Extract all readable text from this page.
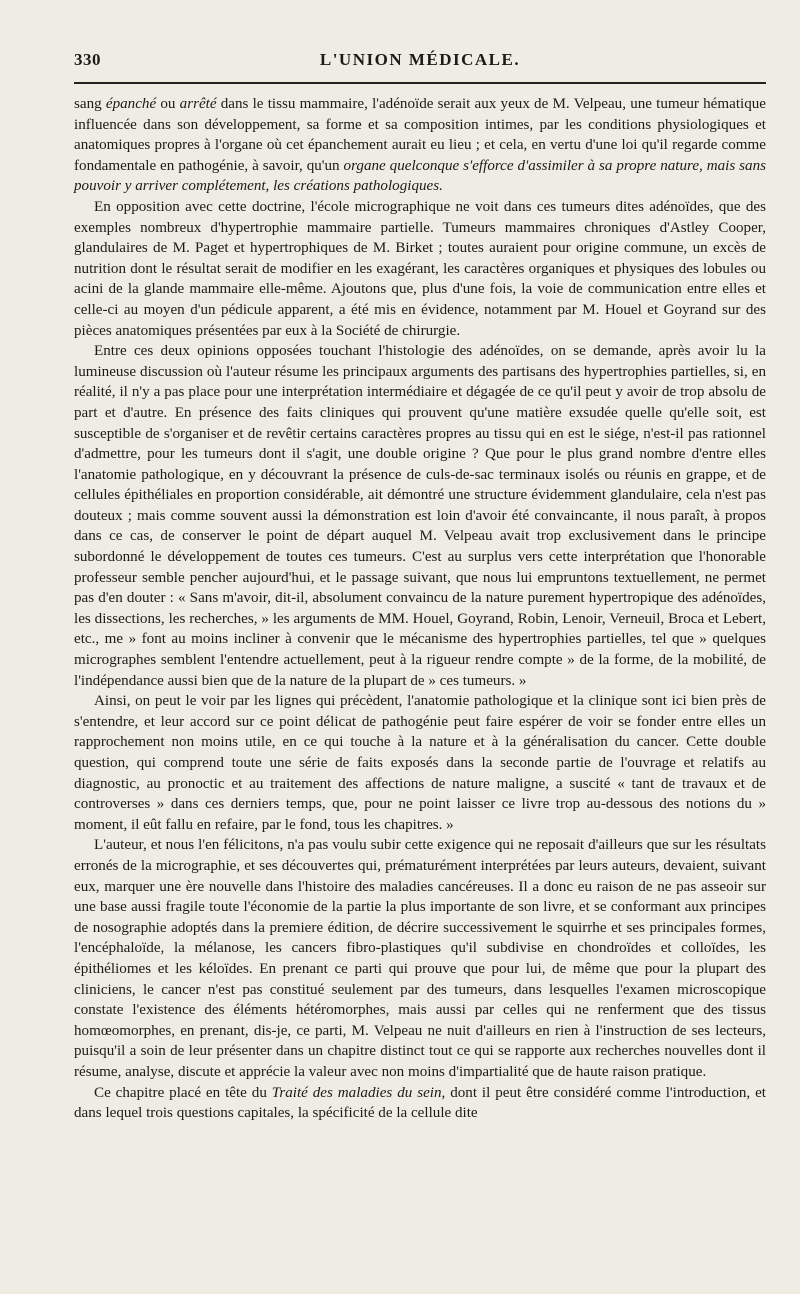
330	L'UNION MÉDICALE.

sang épanché ou arrêté dans le tissu mammaire, l'adénoïde serait aux yeux de M. Velpeau, une tumeur hématique influencée dans son développement, sa forme et sa composition intimes, par les conditions physiologiques et anatomiques propres à l'organe où cet épanchement aurait eu lieu ; et cela, en vertu d'une loi qu'il regarde comme fondamentale en pathogénie, à savoir, qu'un organe quelconque s'efforce d'assimiler à sa propre nature, mais sans pouvoir y arriver complétement, les créations pathologiques.

En opposition avec cette doctrine, l'école micrographique ne voit dans ces tumeurs dites adénoïdes, que des exemples nombreux d'hypertrophie mammaire partielle. Tumeurs mammaires chroniques d'Astley Cooper, glandulaires de M. Paget et hypertrophiques de M. Birket ; toutes auraient pour origine commune, un excès de nutrition dont le résultat serait de modifier en les exagérant, les caractères organiques et physiques des lobules ou acini de la glande mammaire elle-même. Ajoutons que, plus d'une fois, la voie de communication entre elles et celle-ci au moyen d'un pédicule apparent, a été mis en évidence, notamment par M. Houel et Goyrand sur des pièces anatomiques présentées par eux à la Société de chirurgie.

Entre ces deux opinions opposées touchant l'histologie des adénoïdes, on se demande, après avoir lu la lumineuse discussion où l'auteur résume les principaux arguments des partisans des hypertrophies partielles, si, en réalité, il n'y a pas place pour une interprétation intermédiaire et dégagée de ce qu'il peut y avoir de trop absolu de part et d'autre. En présence des faits cliniques qui prouvent qu'une matière exsudée quelle qu'elle soit, est susceptible de s'organiser et de revêtir certains caractères propres au tissu qui en est le siége, n'est-il pas rationnel d'admettre, pour les tumeurs dont il s'agit, une double origine ? Que pour le plus grand nombre d'entre elles l'anatomie pathologique, en y découvrant la présence de culs-de-sac terminaux isolés ou réunis en grappe, et de cellules épithéliales en proportion considérable, ait démontré une structure évidemment glandulaire, cela n'est pas douteux ; mais comme souvent aussi la démonstration est loin d'avoir été convaincante, il nous paraît, à propos dans ce cas, de conserver le point de départ auquel M. Velpeau avait trop exclusivement dans le principe subordonné le développement de toutes ces tumeurs. C'est au surplus vers cette interprétation que l'honorable professeur semble pencher aujourd'hui, et le passage suivant, que nous lui empruntons textuellement, ne permet pas d'en douter : « Sans m'avoir, dit-il, absolument convaincu de la nature purement hypertropique des adénoïdes, les dissections, les recherches, » les arguments de MM. Houel, Goyrand, Robin, Lenoir, Verneuil, Broca et Lebert, etc., me » font au moins incliner à convenir que le mécanisme des hypertrophies partielles, tel que » quelques micrographes semblent l'entendre actuellement, peut à la rigueur rendre compte » de la forme, de la mobilité, de l'indépendance aussi bien que de la nature de la plupart de » ces tumeurs. »

Ainsi, on peut le voir par les lignes qui précèdent, l'anatomie pathologique et la clinique sont ici bien près de s'entendre, et leur accord sur ce point délicat de pathogénie peut faire espérer de voir se fonder entre elles un rapprochement non moins utile, en ce qui touche à la nature et à la généralisation du cancer. Cette double question, qui comprend toute une série de faits exposés dans la seconde partie de l'ouvrage et relatifs au diagnostic, au pronoctic et au traitement des affections de nature maligne, a suscité « tant de travaux et de controverses » dans ces derniers temps, que, pour ne point laisser ce livre trop au-dessous des notions du » moment, il eût fallu en refaire, par le fond, tous les chapitres. »

L'auteur, et nous l'en félicitons, n'a pas voulu subir cette exigence qui ne reposait d'ailleurs que sur les résultats erronés de la micrographie, et ses découvertes qui, prématurément interprétées par leurs auteurs, devaient, suivant eux, marquer une ère nouvelle dans l'histoire des maladies cancéreuses. Il a donc eu raison de ne pas asseoir sur une base aussi fragile toute l'économie de la partie la plus importante de son livre, et se conformant aux principes de nosographie adoptés dans la premiere édition, de décrire successivement le squirrhe et ses principales formes, l'encéphaloïde, la mélanose, les cancers fibro-plastiques qu'il subdivise en chondroïdes et colloïdes, les épithéliomes et les kéloïdes. En prenant ce parti qui prouve que pour lui, de même que pour la plupart des cliniciens, le cancer n'est pas constitué seulement par des tumeurs, dans lesquelles l'examen microscopique constate l'existence des éléments hétéromorphes, mais aussi par celles qui ne renferment que des tissus homœomorphes, en prenant, dis-je, ce parti, M. Velpeau ne nuit d'ailleurs en rien à l'instruction de ses lecteurs, puisqu'il a soin de leur présenter dans un chapitre distinct tout ce qui se rapporte aux recherches nouvelles dont il résume, analyse, discute et apprécie la valeur avec non moins d'impartialité que de haute raison pratique.

Ce chapitre placé en tête du Traité des maladies du sein, dont il peut être considéré comme l'introduction, et dans lequel trois questions capitales, la spécificité de la cellule dite
